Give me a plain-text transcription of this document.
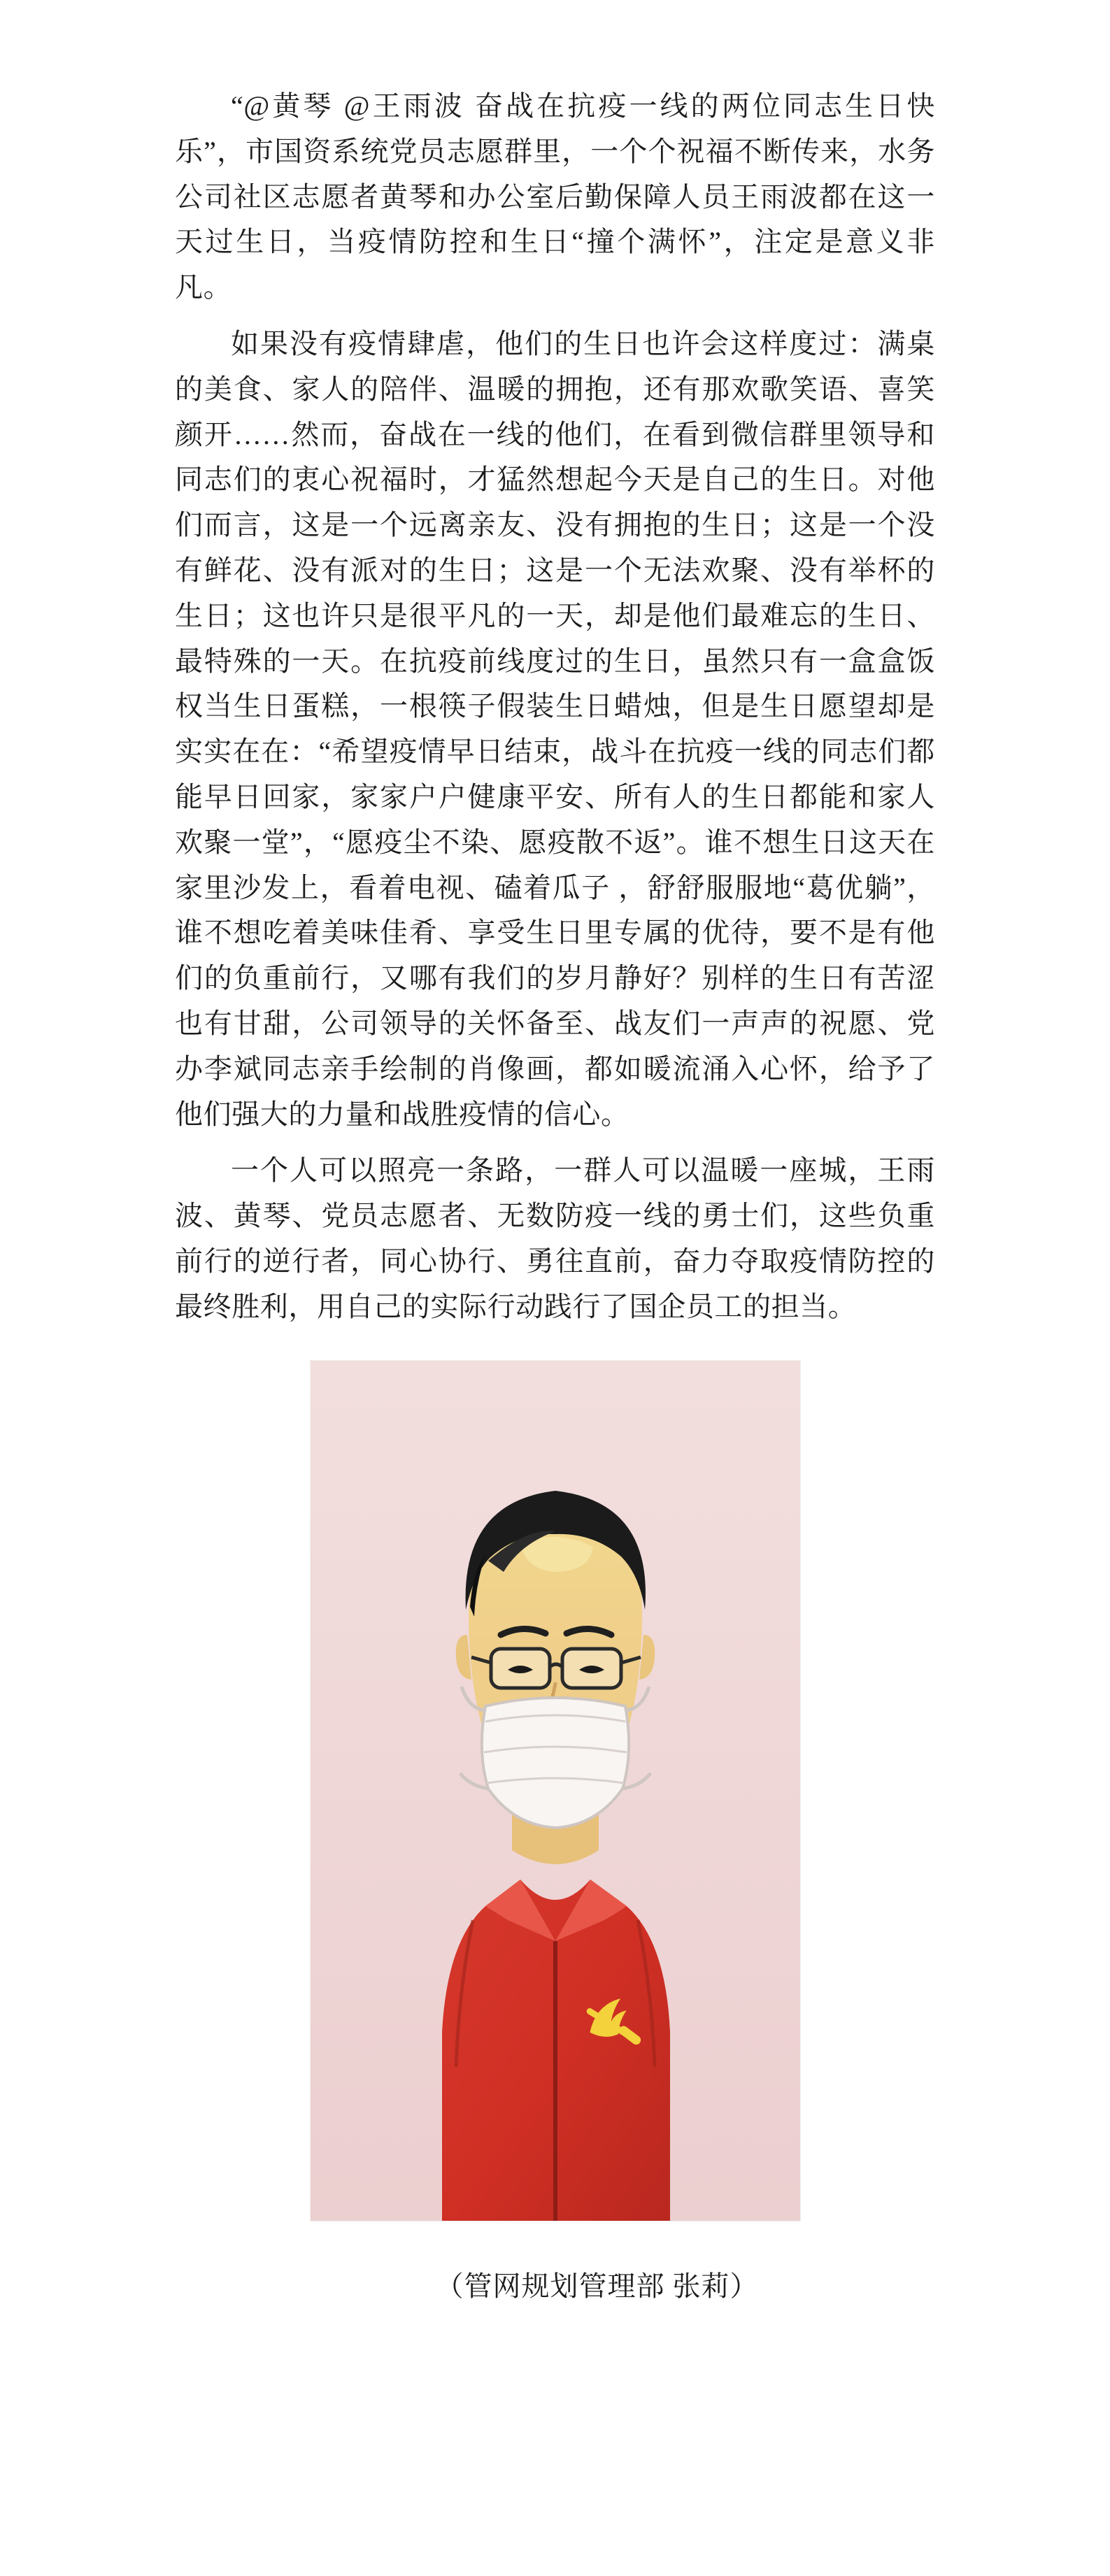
“@黄琴 @王雨波 奋战在抗疫一线的两位同志生日快乐”，市国资系统党员志愿群里，一个个祝福不断传来，水务公司社区志愿者黄琴和办公室后勤保障人员王雨波都在这一天过生日，当疫情防控和生日“撞个满怀”，注定是意义非凡。

如果没有疫情肆虐，他们的生日也许会这样度过：满桌的美食、家人的陪伴、温暖的拥抱，还有那欢歌笑语、喜笑颜开……然而，奋战在一线的他们，在看到微信群里领导和同志们的衷心祝福时，才猛然想起今天是自己的生日。对他们而言，这是一个远离亲友、没有拥抱的生日；这是一个没有鲜花、没有派对的生日；这是一个无法欢聚、没有举杯的生日；这也许只是很平凡的一天，却是他们最难忘的生日、最特殊的一天。在抗疫前线度过的生日，虽然只有一盒盒饭权当生日蛋糕，一根筷子假装生日蜡烛，但是生日愿望却是实实在在：“希望疫情早日结束，战斗在抗疫一线的同志们都能早日回家，家家户户健康平安、所有人的生日都能和家人欢聚一堂”，“愿疫尘不染、愿疫散不返”。谁不想生日这天在家里沙发上，看着电视、磕着瓜子 ，舒舒服服地“葛优躺”，谁不想吃着美味佳肴、享受生日里专属的优待，要不是有他们的负重前行，又哪有我们的岁月静好？别样的生日有苦涩也有甘甜，公司领导的关怀备至、战友们一声声的祝愿、党办李斌同志亲手绘制的肖像画，都如暖流涌入心怀，给予了他们强大的力量和战胜疫情的信心。

一个人可以照亮一条路，一群人可以温暖一座城，王雨波、黄琴、党员志愿者、无数防疫一线的勇士们，这些负重前行的逆行者，同心协行、勇往直前，奋力夺取疫情防控的最终胜利，用自己的实际行动践行了国企员工的担当。

（管网规划管理部 张莉）
